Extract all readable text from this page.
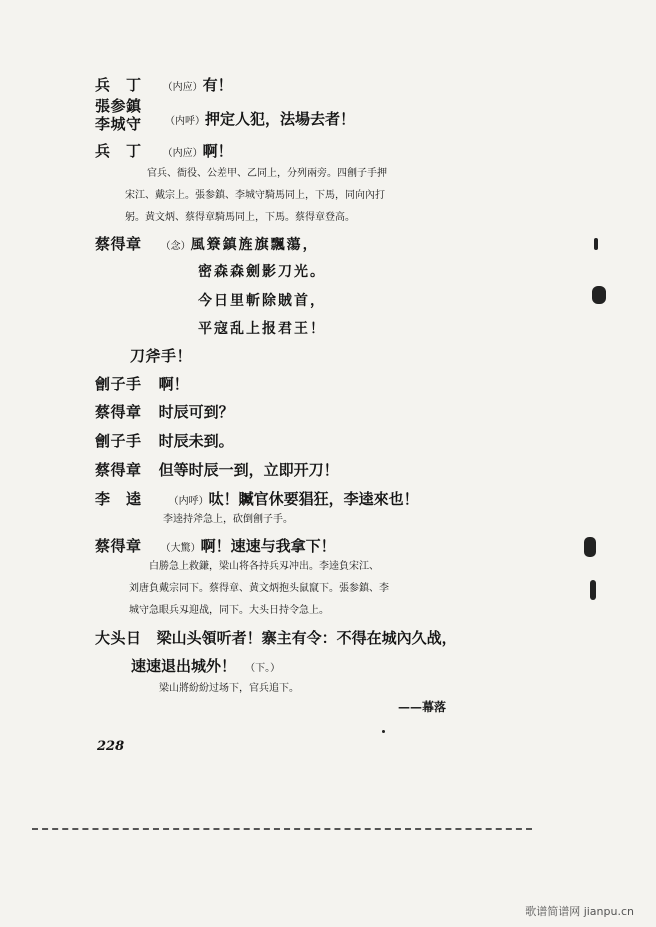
兵　丁 （内应）有！
張参鎮
李城守 （内呼）押定人犯，法場去者！
兵　丁 （内应）啊！
官兵、衙役、公差甲、乙同上，分列兩旁。四劊子手押
宋江、戴宗上。張参鎮、李城守騎馬同上，下馬，同向內打
躬。黄文炳、蔡得章騎馬同上，下馬。蔡得章登高。
蔡得章 （念）風簝鎮旌旗飄蕩，
密森森劍影刀光。
今日里斬除賊首，
平寇乱上报君王！
刀斧手！
劊子手 啊！
蔡得章 时辰可到？
劊子手 时辰未到。
蔡得章 但等时辰一到，立即开刀！
李　逵	（内呼）呔！贓官休要猖狂，李逵來也！
李逵持斧急上，砍倒劊子手。
蔡得章 （大驚）啊！速速与我拿下！
白勝急上救鎌，梁山将各持兵刄冲出。李逵負宋江、
刘唐負戴宗同下。蔡得章、黄文炳抱头鼠竄下。張参鎮、李
城守急眼兵刄迎战，同下。大头日持令急上。
大头日 梁山头領听者！寨主有令：不得在城內久战，
速速退出城外！ （下。）
梁山將紛紛过场下，官兵追下。
——幕落
228
歌谱简谱网 jianpu.cn
